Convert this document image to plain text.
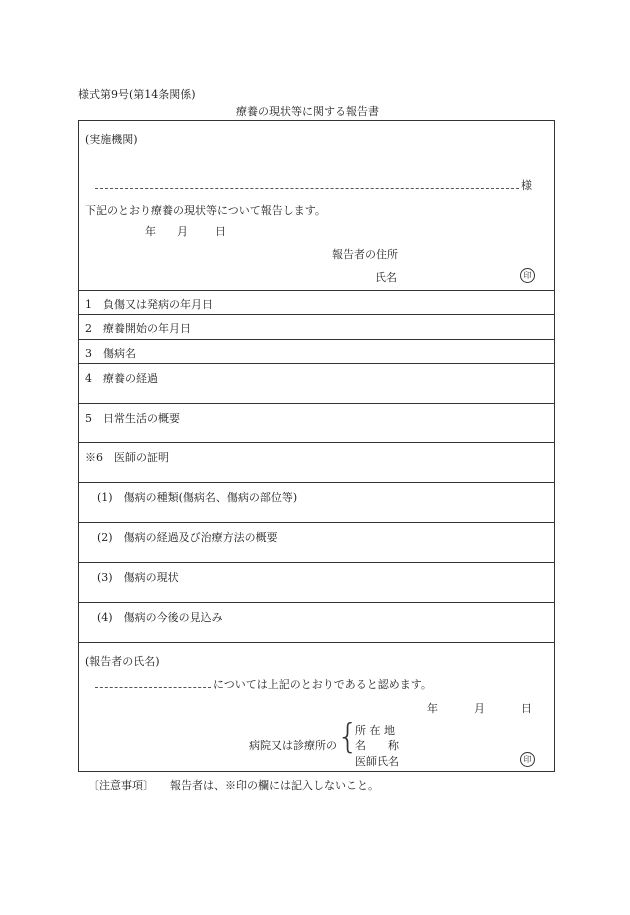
様式第9号(第14条関係)
療養の現状等に関する報告書
(実施機関)
様
下記のとおり療養の現状等について報告します。
年 月 日
報告者の住所
氏名	印
1　負傷又は発病の年月日
2　療養開始の年月日
3　傷病名
4　療養の経過
5　日常生活の概要
※6　医師の証明
(1)　傷病の種類(傷病名、傷病の部位等)
(2)　傷病の経過及び治療方法の概要
(3)　傷病の現状
(4)　傷病の今後の見込み
(報告者の氏名)
については上記のとおりであると認めます。
年	月	日
病院又は診療所の {
所 在 地
名　　称
医師氏名	印
〔注意事項〕 報告者は、※印の欄には記入しないこと。
